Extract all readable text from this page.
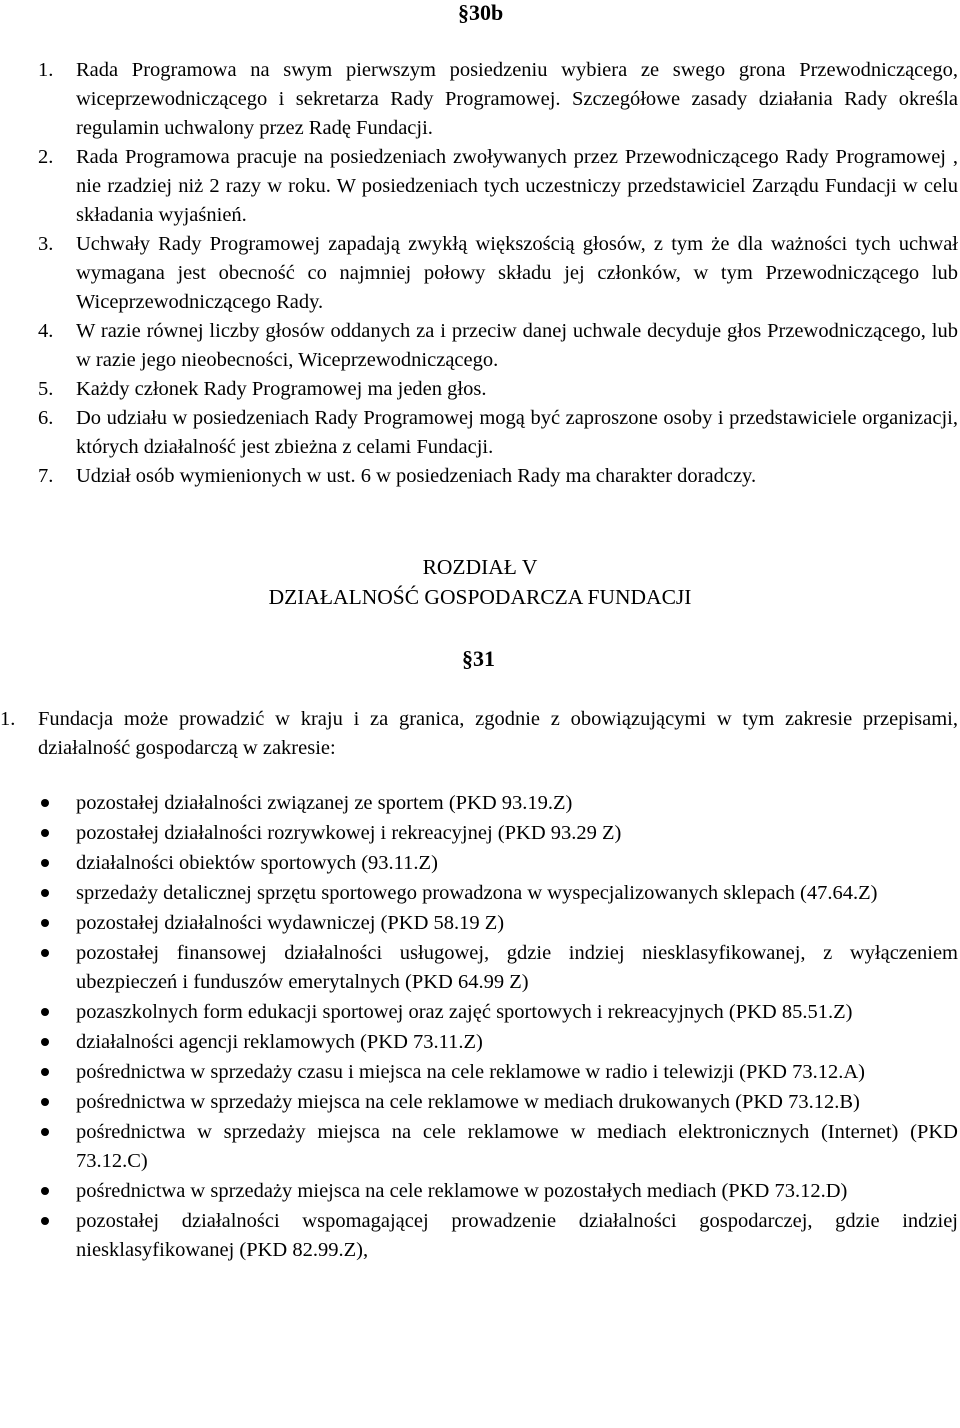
§30b
1.	Rada Programowa na swym pierwszym posiedzeniu wybiera ze swego grona Przewodniczącego, wiceprzewodniczącego i sekretarza Rady Programowej. Szczegółowe zasady działania Rady określa regulamin uchwalony przez Radę Fundacji.
2.	Rada Programowa pracuje na posiedzeniach zwoływanych przez Przewodniczącego Rady Programowej , nie rzadziej niż 2 razy w roku. W posiedzeniach tych uczestniczy przedstawiciel Zarządu Fundacji w celu składania wyjaśnień.
3.	Uchwały Rady Programowej zapadają zwykłą większością głosów, z tym że dla ważności tych uchwał wymagana jest obecność co najmniej połowy składu jej członków, w tym Przewodniczącego lub Wiceprzewodniczącego Rady.
4.	W razie równej liczby głosów oddanych za i przeciw danej uchwale decyduje głos Przewodniczącego, lub w razie jego nieobecności, Wiceprzewodniczącego.
5.	Każdy członek Rady Programowej ma jeden głos.
6.	Do udziału w posiedzeniach Rady Programowej mogą być zaproszone osoby i przedstawiciele organizacji, których działalność jest zbieżna z celami Fundacji.
7.	Udział osób wymienionych w ust. 6 w posiedzeniach Rady ma charakter doradczy.
ROZDIAŁ V
DZIAŁALNOŚĆ GOSPODARCZA FUNDACJI
§31
1.	Fundacja może prowadzić w kraju i za granica, zgodnie z obowiązującymi w tym zakresie przepisami, działalność gospodarczą w zakresie:
pozostałej działalności związanej ze sportem (PKD 93.19.Z)
pozostałej działalności rozrywkowej i rekreacyjnej (PKD 93.29 Z)
działalności obiektów sportowych (93.11.Z)
sprzedaży detalicznej sprzętu sportowego prowadzona w wyspecjalizowanych sklepach (47.64.Z)
pozostałej działalności wydawniczej (PKD 58.19 Z)
pozostałej finansowej działalności usługowej, gdzie indziej niesklasyfikowanej, z wyłączeniem ubezpieczeń i funduszów emerytalnych (PKD 64.99 Z)
pozaszkolnych form edukacji sportowej oraz zajęć sportowych i rekreacyjnych (PKD 85.51.Z)
działalności agencji reklamowych (PKD 73.11.Z)
pośrednictwa w sprzedaży czasu i miejsca na cele reklamowe w radio i telewizji (PKD 73.12.A)
pośrednictwa w sprzedaży miejsca na cele reklamowe w mediach drukowanych (PKD 73.12.B)
pośrednictwa w sprzedaży miejsca na cele reklamowe w mediach elektronicznych (Internet) (PKD 73.12.C)
pośrednictwa w sprzedaży miejsca na cele reklamowe w pozostałych mediach (PKD 73.12.D)
pozostałej działalności wspomagającej prowadzenie działalności gospodarczej, gdzie indziej niesklasyfikowanej (PKD 82.99.Z),
